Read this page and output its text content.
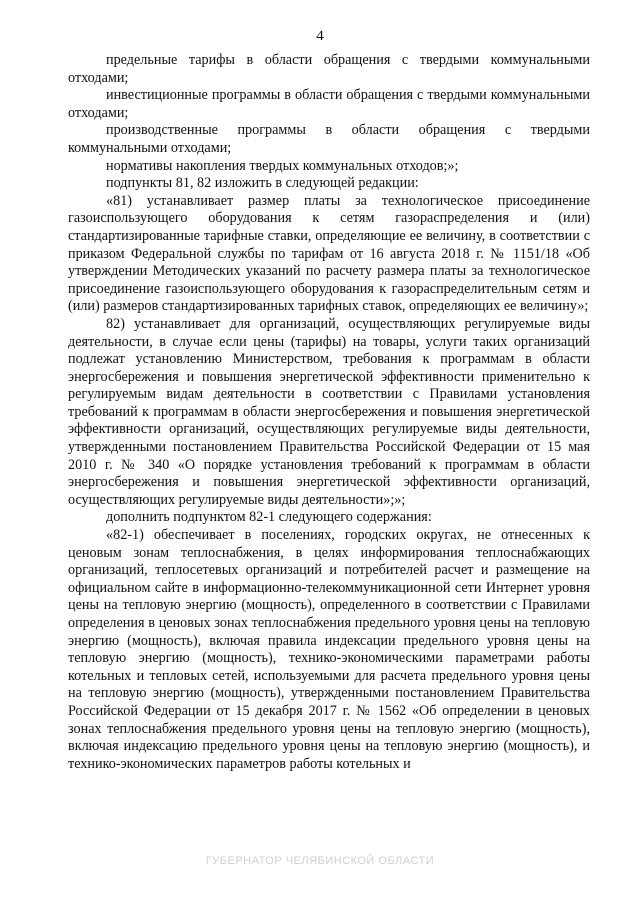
4

предельные тарифы в области обращения с твердыми коммунальными отходами;

инвестиционные программы в области обращения с твердыми коммунальными отходами;

производственные программы в области обращения с твердыми коммунальными отходами;

нормативы накопления твердых коммунальных отходов;»;

подпункты 81, 82 изложить в следующей редакции:

«81) устанавливает размер платы за технологическое присоединение газоиспользующего оборудования к сетям газораспределения и (или) стандартизированные тарифные ставки, определяющие ее величину, в соответствии с приказом Федеральной службы по тарифам от 16 августа 2018 г. № 1151/18 «Об утверждении Методических указаний по расчету размера платы за технологическое присоединение газоиспользующего оборудования к газораспределительным сетям и (или) размеров стандартизированных тарифных ставок, определяющих ее величину»;

82) устанавливает для организаций, осуществляющих регулируемые виды деятельности, в случае если цены (тарифы) на товары, услуги таких организаций подлежат установлению Министерством, требования к программам в области энергосбережения и повышения энергетической эффективности применительно к регулируемым видам деятельности в соответствии с Правилами установления требований к программам в области энергосбережения и повышения энергетической эффективности организаций, осуществляющих регулируемые виды деятельности, утвержденными постановлением Правительства Российской Федерации от 15 мая 2010 г. № 340 «О порядке установления требований к программам в области энергосбережения и повышения энергетической эффективности организаций, осуществляющих регулируемые виды деятельности»;»;

дополнить подпунктом 82-1 следующего содержания:

«82-1) обеспечивает в поселениях, городских округах, не отнесенных к ценовым зонам теплоснабжения, в целях информирования теплоснабжающих организаций, теплосетевых организаций и потребителей расчет и размещение на официальном сайте в информационно-телекоммуникационной сети Интернет уровня цены на тепловую энергию (мощность), определенного в соответствии с Правилами определения в ценовых зонах теплоснабжения предельного уровня цены на тепловую энергию (мощность), включая правила индексации предельного уровня цены на тепловую энергию (мощность), технико-экономическими параметрами работы котельных и тепловых сетей, используемыми для расчета предельного уровня цены на тепловую энергию (мощность), утвержденными постановлением Правительства Российской Федерации от 15 декабря 2017 г. № 1562 «Об определении в ценовых зонах теплоснабжения предельного уровня цены на тепловую энергию (мощность), включая индексацию предельного уровня цены на тепловую энергию (мощность), и технико-экономических параметров работы котельных и

ГУБЕРНАТОР ЧЕЛЯБИНСКОЙ ОБЛАСТИ
